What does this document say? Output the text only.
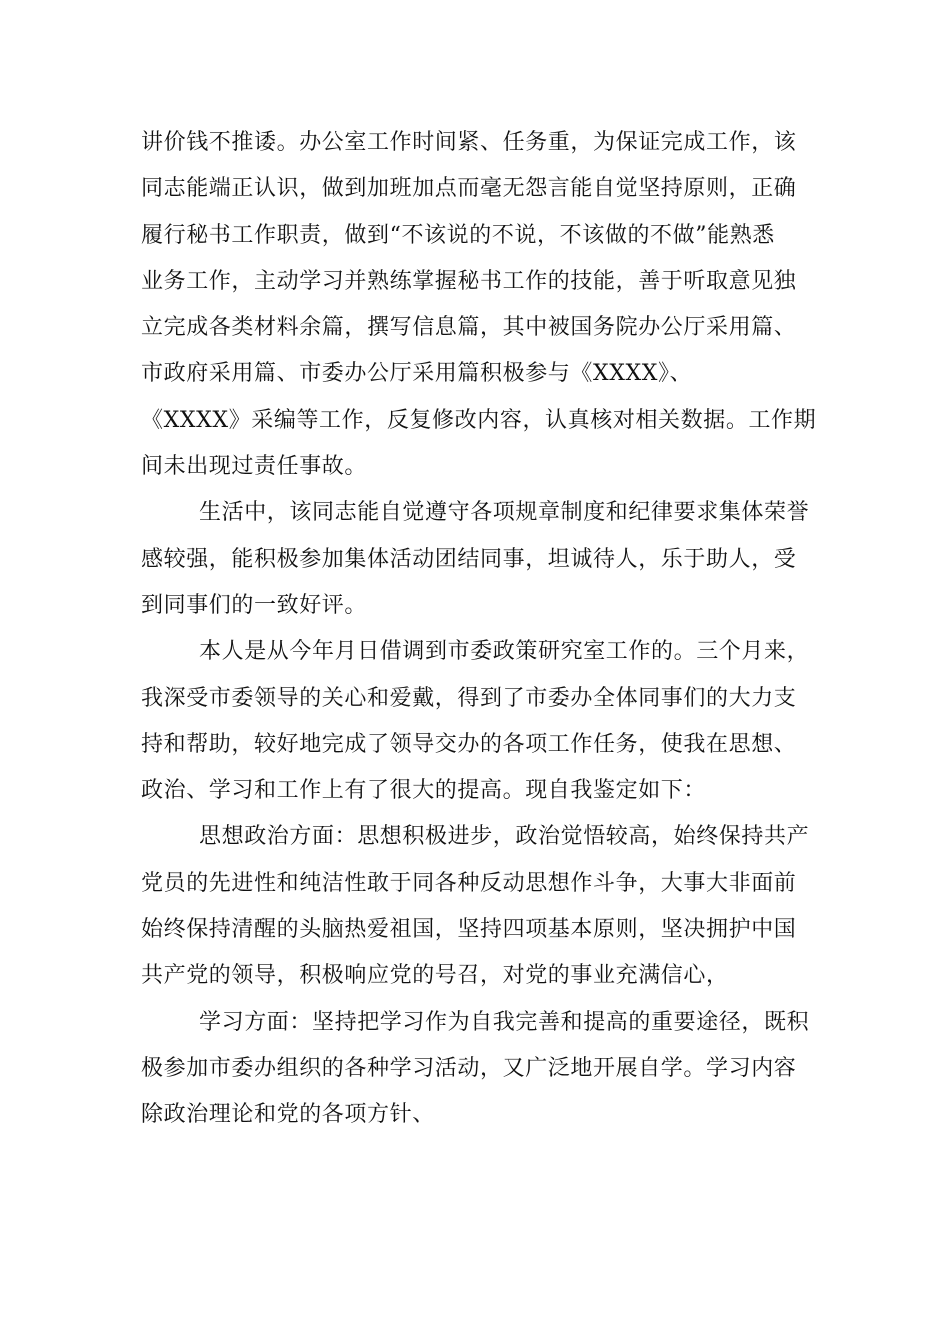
讲价钱不推诿。办公室工作时间紧、任务重，为保证完成工作，该
同志能端正认识，做到加班加点而毫无怨言能自觉坚持原则，正确
履行秘书工作职责，做到“不该说的不说，不该做的不做”能熟悉
业务工作，主动学习并熟练掌握秘书工作的技能，善于听取意见独
立完成各类材料余篇，撰写信息篇，其中被国务院办公厅采用篇、
市政府采用篇、市委办公厅采用篇积极参与《XXXX》、
《XXXX》采编等工作，反复修改内容，认真核对相关数据。工作期
间未出现过责任事故。
生活中，该同志能自觉遵守各项规章制度和纪律要求集体荣誉
感较强，能积极参加集体活动团结同事，坦诚待人，乐于助人，受
到同事们的一致好评。
本人是从今年月日借调到市委政策研究室工作的。三个月来，
我深受市委领导的关心和爱戴，得到了市委办全体同事们的大力支
持和帮助，较好地完成了领导交办的各项工作任务，使我在思想、
政治、学习和工作上有了很大的提高。现自我鉴定如下：
思想政治方面：思想积极进步，政治觉悟较高，始终保持共产
党员的先进性和纯洁性敢于同各种反动思想作斗争，大事大非面前
始终保持清醒的头脑热爱祖国，坚持四项基本原则，坚决拥护中国
共产党的领导，积极响应党的号召，对党的事业充满信心，
学习方面：坚持把学习作为自我完善和提高的重要途径，既积
极参加市委办组织的各种学习活动，又广泛地开展自学。学习内容
除政治理论和党的各项方针、
